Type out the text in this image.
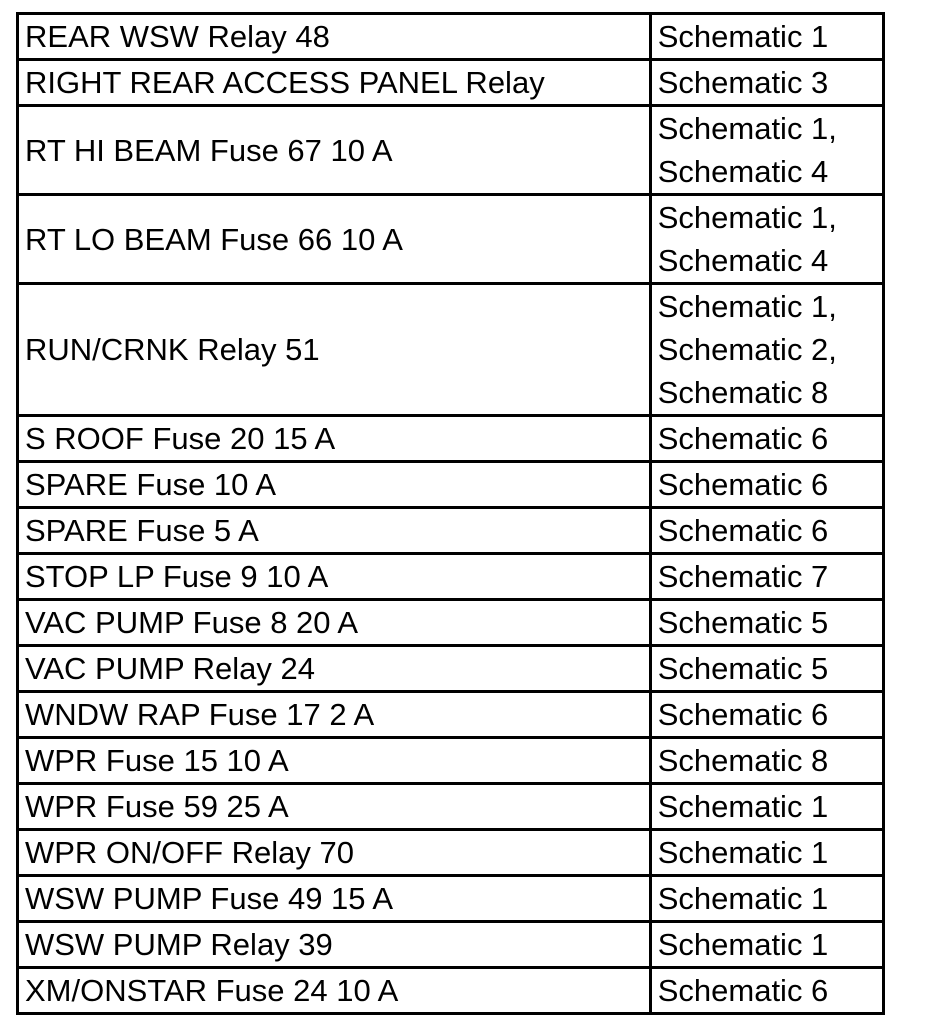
REAR WSW Relay 48	Schematic 1

RIGHT REAR ACCESS PANEL Relay	Schematic 3

RT HI BEAM Fuse 67 10 A	Schematic 1,
Schematic 4

RT LO BEAM Fuse 66 10 A	Schematic 1,
Schematic 4

RUN/CRNK Relay 51	Schematic 1,
Schematic 2,
Schematic 8

S ROOF Fuse 20 15 A	Schematic 6

SPARE Fuse 10 A	Schematic 6

SPARE Fuse 5 A	Schematic 6

STOP LP Fuse 9 10 A	Schematic 7

VAC PUMP Fuse 8 20 A	Schematic 5

VAC PUMP Relay 24	Schematic 5

WNDW RAP Fuse 17 2 A	Schematic 6

WPR Fuse 15 10 A	Schematic 8

WPR Fuse 59 25 A	Schematic 1

WPR ON/OFF Relay 70	Schematic 1

WSW PUMP Fuse 49 15 A	Schematic 1

WSW PUMP Relay 39	Schematic 1

XM/ONSTAR Fuse 24 10 A	Schematic 6
